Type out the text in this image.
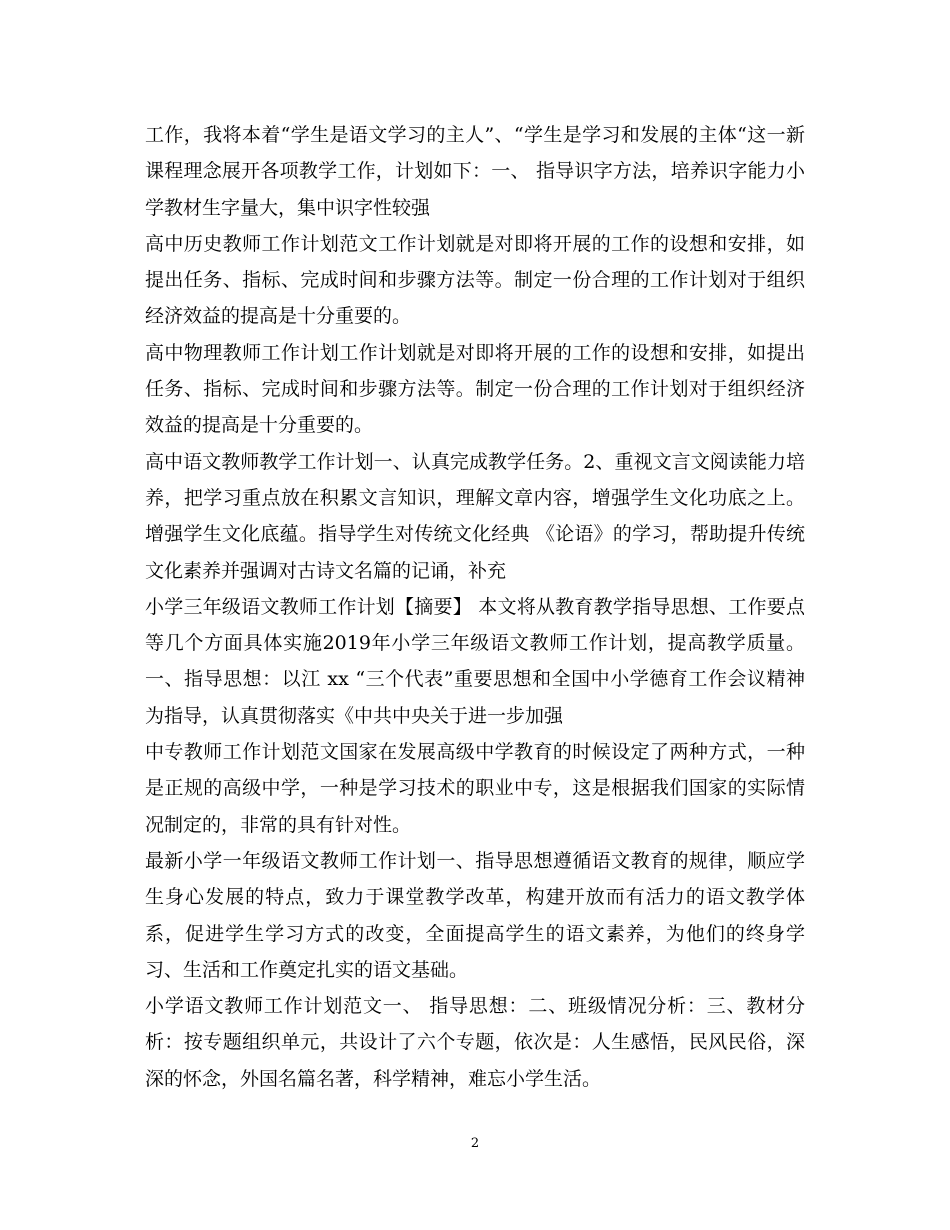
工作，我将本着“学生是语文学习的主人”、“学生是学习和发展的主体“这一新课程理念展开各项教学工作，计划如下：一、 指导识字方法，培养识字能力小学教材生字量大，集中识字性较强

高中历史教师工作计划范文工作计划就是对即将开展的工作的设想和安排，如提出任务、指标、完成时间和步骤方法等。制定一份合理的工作计划对于组织经济效益的提高是十分重要的。

高中物理教师工作计划工作计划就是对即将开展的工作的设想和安排，如提出任务、指标、完成时间和步骤方法等。制定一份合理的工作计划对于组织经济效益的提高是十分重要的。

高中语文教师教学工作计划一、认真完成教学任务。2、重视文言文阅读能力培养，把学习重点放在积累文言知识，理解文章内容，增强学生文化功底之上。增强学生文化底蕴。指导学生对传统文化经典 《论语》的学习，帮助提升传统文化素养并强调对古诗文名篇的记诵，补充

小学三年级语文教师工作计划【摘要】 本文将从教育教学指导思想、工作要点等几个方面具体实施2019年小学三年级语文教师工作计划，提高教学质量。一、指导思想：以江 xx “三个代表”重要思想和全国中小学德育工作会议精神为指导，认真贯彻落实《中共中央关于进一步加强

中专教师工作计划范文国家在发展高级中学教育的时候设定了两种方式，一种是正规的高级中学，一种是学习技术的职业中专，这是根据我们国家的实际情况制定的，非常的具有针对性。

最新小学一年级语文教师工作计划一、指导思想遵循语文教育的规律，顺应学生身心发展的特点，致力于课堂教学改革，构建开放而有活力的语文教学体系，促进学生学习方式的改变，全面提高学生的语文素养，为他们的终身学习、生活和工作奠定扎实的语文基础。

小学语文教师工作计划范文一、 指导思想：二、班级情况分析：三、教材分析：按专题组织单元，共设计了六个专题，依次是：人生感悟，民风民俗，深深的怀念，外国名篇名著，科学精神，难忘小学生活。

2
